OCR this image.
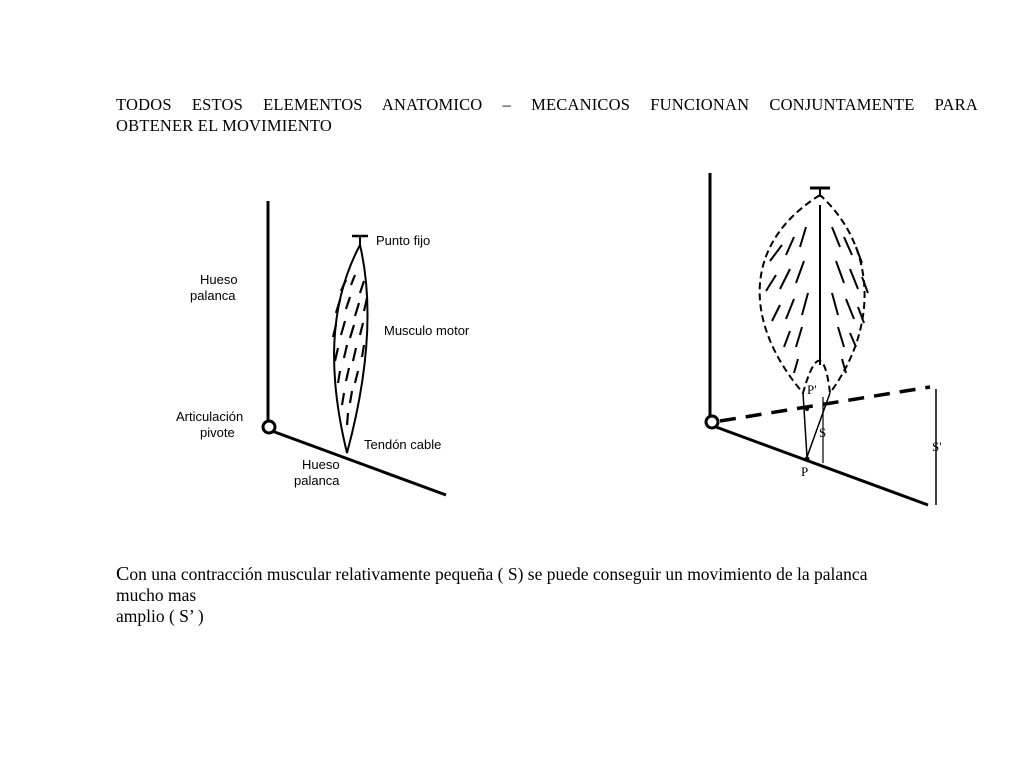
TODOS ESTOS ELEMENTOS ANATOMICO – MECANICOS FUNCIONAN CONJUNTAMENTE PARA
OBTENER EL MOVIMIENTO
Hueso palanca
Articulación pivote
Hueso palanca
Punto fijo
Musculo motor
Tendón cable
P'
S
P
S'
Con una contracción muscular relativamente pequeña ( S) se puede conseguir un movimiento de la palanca
mucho mas
amplio ( S’ )
